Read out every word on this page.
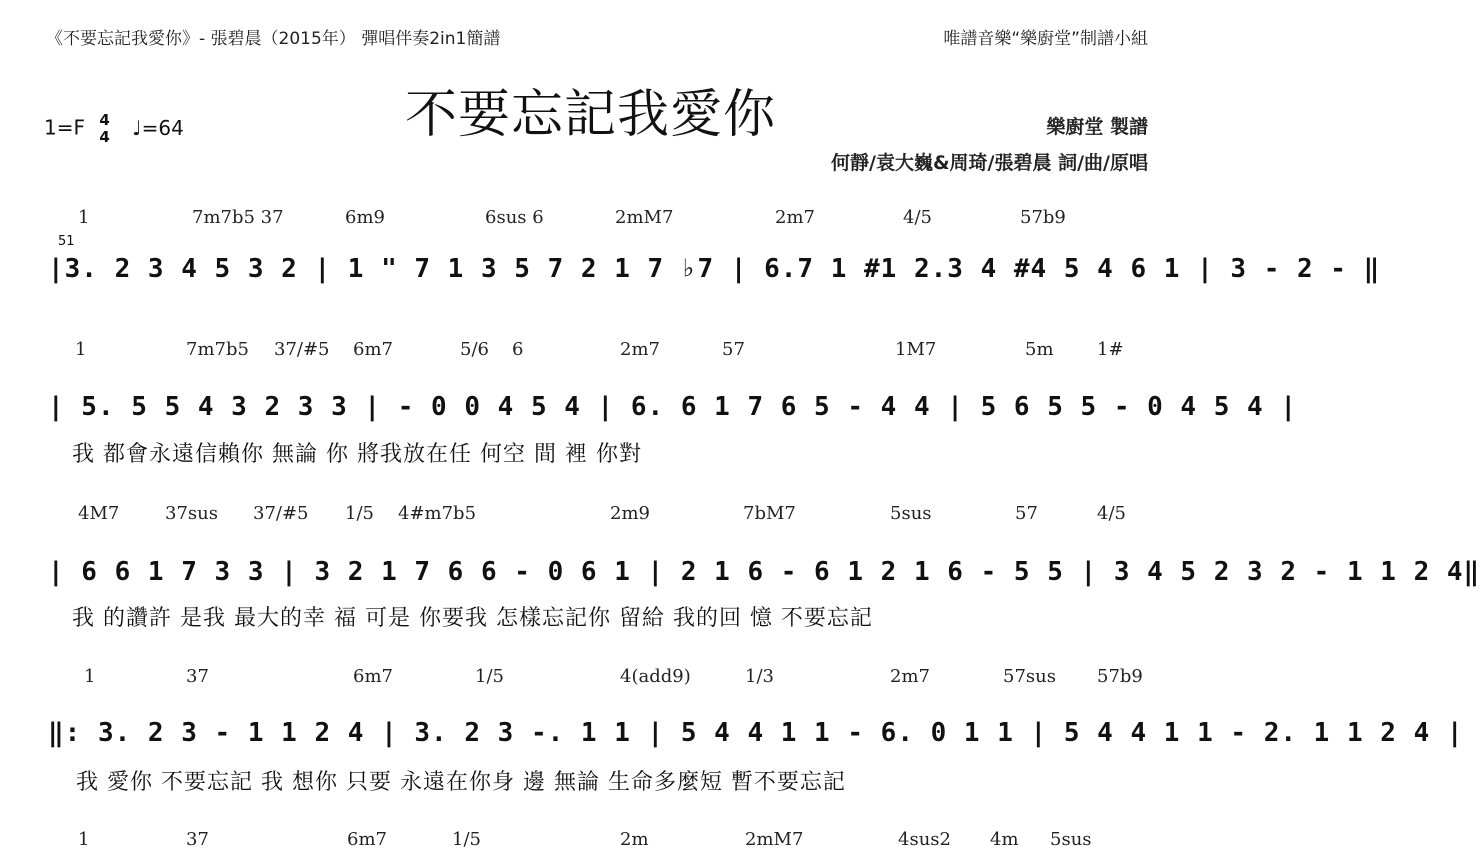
《不要忘記我愛你》- 張碧晨（2015年） 彈唱伴奏2in1簡譜	唯譜音樂“樂廚堂”制譜小組
不要忘記我愛你
1=F 4
4 ♩=64	樂廚堂 製譜
何靜/袁大巍&周琦/張碧晨 詞/曲/原唱
1	7m7b5 37	6m9	6sus 6	2mM7	2m7	4/5	57b9
51
|3. 2 3 4 5 3 2 | 1 " 7 1 3 5 7 2 1 7 ♭7 | 6.7 1 #1 2.3 4 #4 5 4 6 1 | 3 - 2 - ‖
1	7m7b5 37/#5 6m7	5/6 6	2m7	57	1M7	5m 1#
| 5. 5 5 4 3 2 3 3 | - 0 0 4 5 4 | 6. 6 1 7 6 5 - 4 4 | 5 6 5 5 - 0 4 5 4 |
我 都會永遠信賴你 無論 你 將我放在任 何空 間 裡 你對
4M7	37sus 37/#5 1/5 4#m7b5	2m9	7bM7	5sus	57	4/5
| 6 6 1 7 3 3 | 3 2 1 7 6 6 - 0 6 1 | 2 1 6 - 6 1 2 1 6 - 5 5 | 3 4 5 2 3 2 - 1 1 2 4‖
我 的讚許 是我 最大的幸 福 可是 你要我 怎樣忘記你 留給 我的回 憶 不要忘記
1	37	6m7	1/5	4(add9)	1/3	2m7	57sus 57b9
‖: 3. 2 3 - 1 1 2 4 | 3. 2 3 -. 1 1 | 5 4 4 1 1 - 6. 0 1 1 | 5 4 4 1 1 - 2. 1 1 2 4 |
我 愛你 不要忘記 我 想你 只要 永遠在你身 邊 無論 生命多麼短 暫不要忘記
1	37	6m7	1/5	2m	2mM7	4sus2 4m 5sus
